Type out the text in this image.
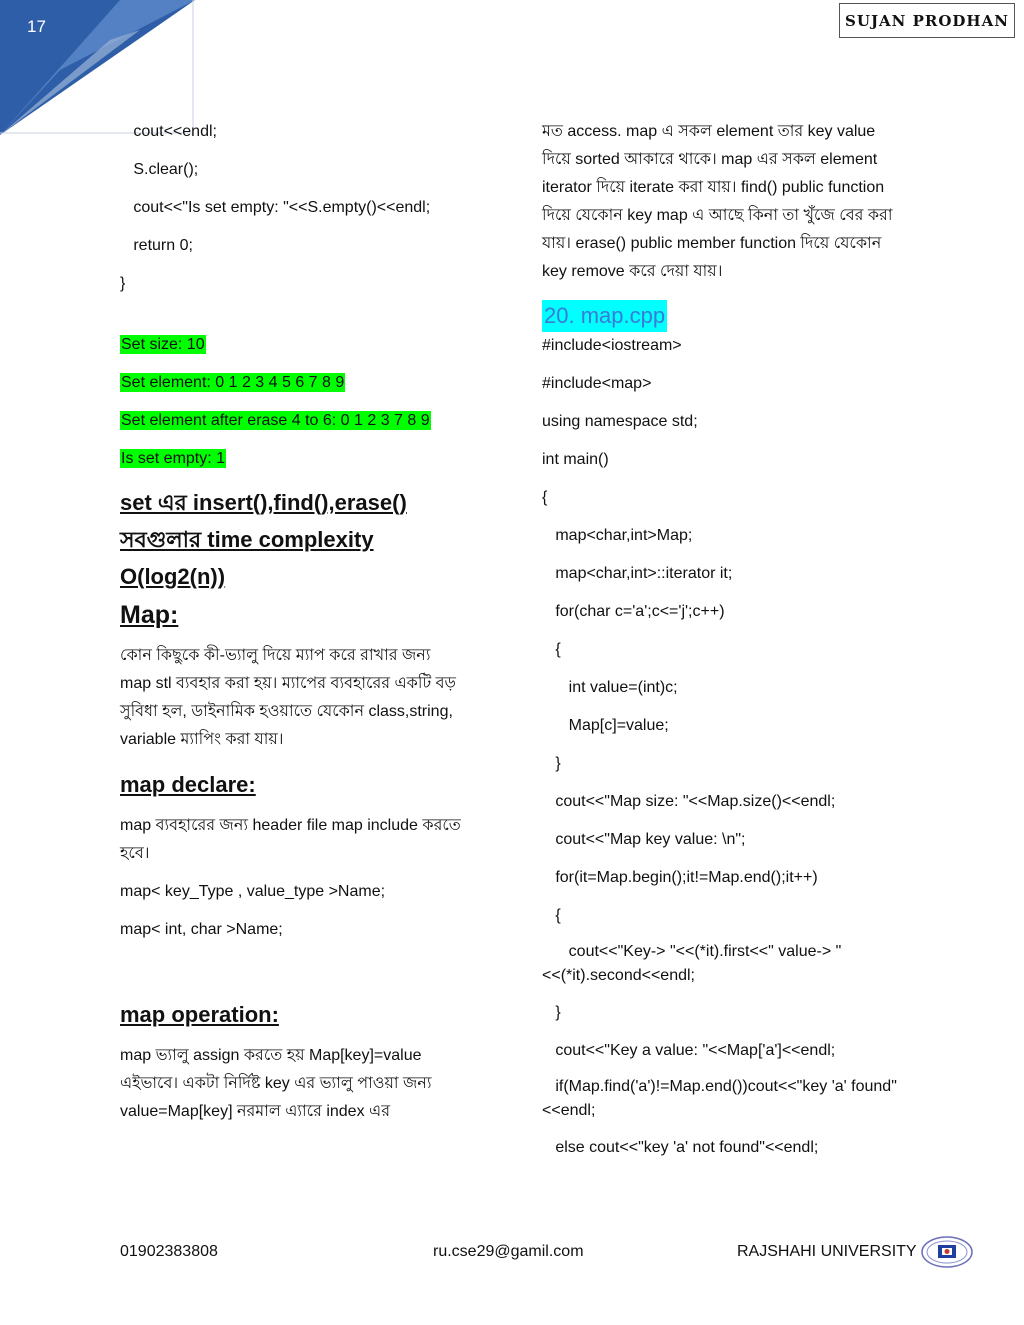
17	SUJAN PRODHAN

cout<<endl;

S.clear();

cout<<"Is set empty: "<<S.empty()<<endl;

return 0;

}

Set size: 10

Set element: 0 1 2 3 4 5 6 7 8 9

Set element after erase 4 to 6: 0 1 2 3 7 8 9

Is set empty: 1

set এর insert(),find(),erase() সবগুলার time complexity O(log2(n))

Map:

কোন কিছুকে কী-ভ্যালু দিয়ে ম্যাপ করে রাখার জন্য map stl ব্যবহার করা হয়। ম্যাপের ব্যবহারের একটি বড় সুবিধা হল, ডাইনামিক হওয়াতে যেকোন class,string, variable ম্যাপিং করা যায়।

map declare:

map ব্যবহারের জন্য header file map include করতে হবে।

map< key_Type , value_type >Name;

map< int, char >Name;

map operation:

map ভ্যালু assign করতে হয় Map[key]=value এইভাবে। একটা নির্দিষ্ট key এর ভ্যালু পাওয়া জন্য value=Map[key] নরমাল এ্যারে index এর

মত access. map এ সকল element তার key value দিয়ে sorted আকারে থাকে। map এর সকল element iterator দিয়ে iterate করা যায়। find() public function দিয়ে যেকোন key map এ আছে কিনা তা খুঁজে বের করা যায়। erase() public member function দিয়ে যেকোন key remove করে দেয়া যায়।

20. map.cpp

#include<iostream>

#include<map>

using namespace std;

int main()

{

map<char,int>Map;

map<char,int>::iterator it;

for(char c='a';c<='j';c++)

{

int value=(int)c;

Map[c]=value;

}

cout<<"Map size: "<<Map.size()<<endl;

cout<<"Map key value: \n";

for(it=Map.begin();it!=Map.end();it++)

{

cout<<"Key-> "<<(*it).first<<" value-> "<<(*it).second<<endl;

}

cout<<"Key a value: "<<Map['a']<<endl;

if(Map.find('a')!=Map.end())cout<<"key 'a' found"<<endl;

else cout<<"key 'a' not found"<<endl;

01902383808	ru.cse29@gamil.com	RAJSHAHI UNIVERSITY
